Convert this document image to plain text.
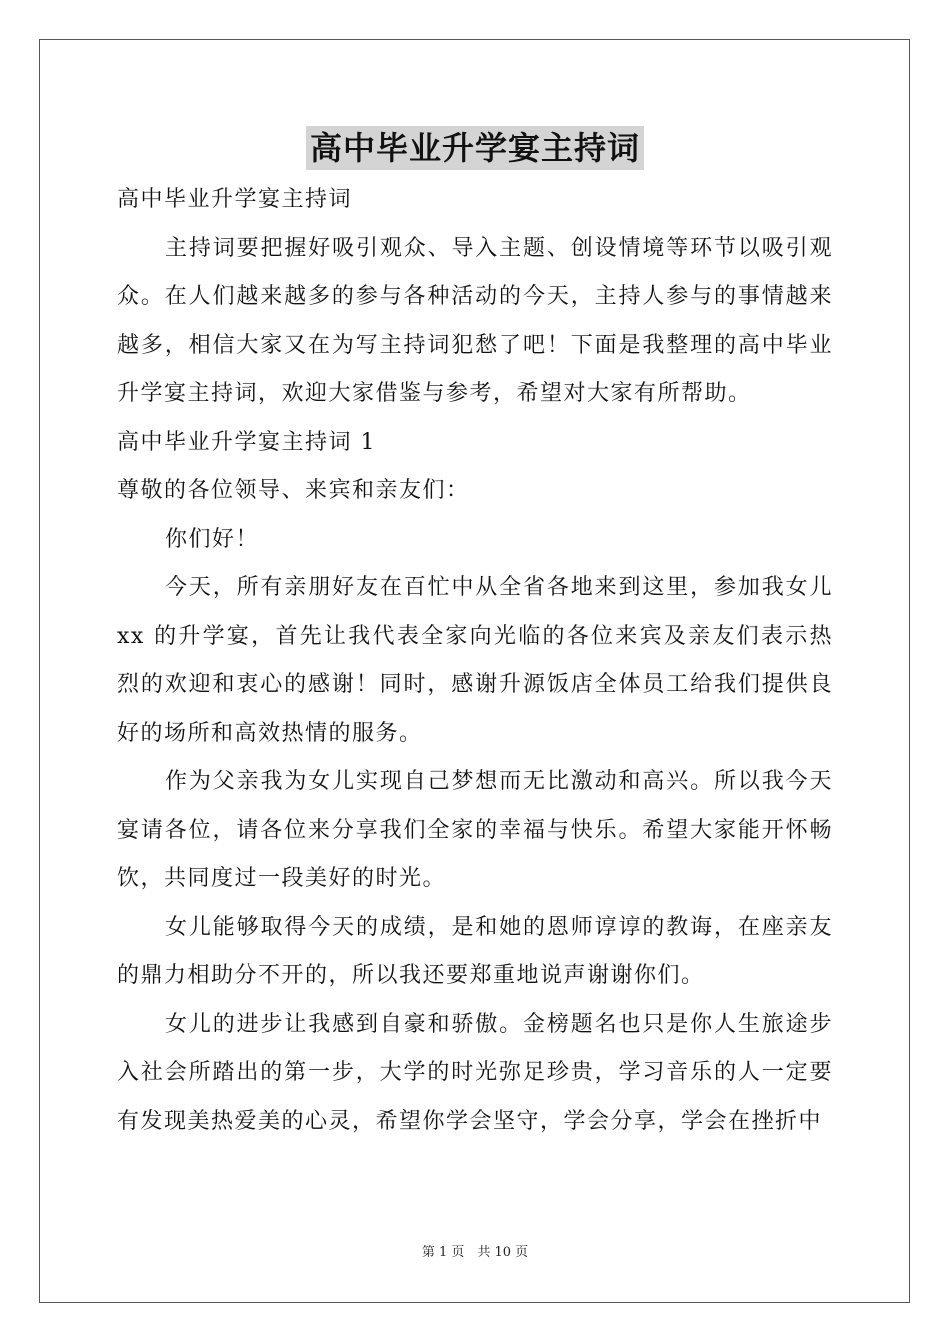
高中毕业升学宴主持词

高中毕业升学宴主持词

主持词要把握好吸引观众、导入主题、创设情境等环节以吸引观众。在人们越来越多的参与各种活动的今天，主持人参与的事情越来越多，相信大家又在为写主持词犯愁了吧！下面是我整理的高中毕业升学宴主持词，欢迎大家借鉴与参考，希望对大家有所帮助。

高中毕业升学宴主持词 1

尊敬的各位领导、来宾和亲友们：

你们好！

今天，所有亲朋好友在百忙中从全省各地来到这里，参加我女儿 xx 的升学宴，首先让我代表全家向光临的各位来宾及亲友们表示热烈的欢迎和衷心的感谢！同时，感谢升源饭店全体员工给我们提供良好的场所和高效热情的服务。

作为父亲我为女儿实现自己梦想而无比激动和高兴。所以我今天宴请各位，请各位来分享我们全家的幸福与快乐。希望大家能开怀畅饮，共同度过一段美好的时光。

女儿能够取得今天的成绩，是和她的恩师谆谆的教诲，在座亲友的鼎力相助分不开的，所以我还要郑重地说声谢谢你们。

女儿的进步让我感到自豪和骄傲。金榜题名也只是你人生旅途步入社会所踏出的第一步，大学的时光弥足珍贵，学习音乐的人一定要有发现美热爱美的心灵，希望你学会坚守，学会分享，学会在挫折中

第 1 页　共 10 页
